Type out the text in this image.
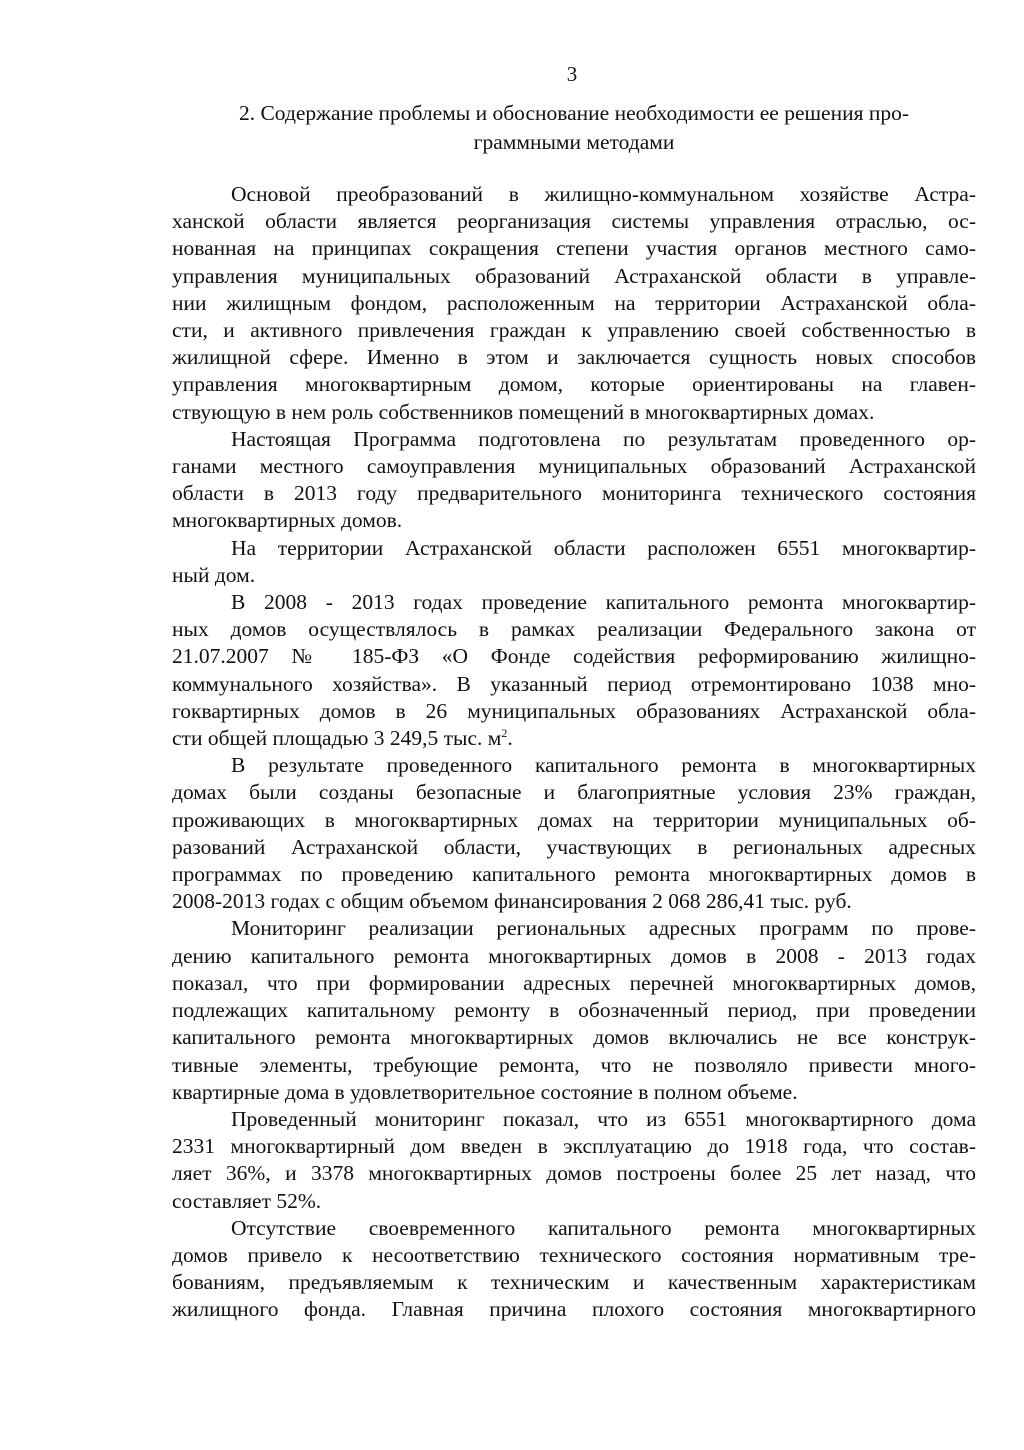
3
2. Содержание проблемы и обоснование необходимости ее решения про-
граммными методами
Основой преобразований в жилищно-коммунальном хозяйстве Астра-
ханской области является реорганизация системы управления отраслью, ос-
нованная на принципах сокращения степени участия органов местного само-
управления муниципальных образований Астраханской области в управле-
нии жилищным фондом, расположенным на территории Астраханской обла-
сти, и активного привлечения граждан к управлению своей собственностью в
жилищной сфере. Именно в этом и заключается сущность новых способов
управления многоквартирным домом, которые ориентированы на главен-
ствующую в нем роль собственников помещений в многоквартирных домах.
Настоящая Программа подготовлена по результатам проведенного ор-
ганами местного самоуправления муниципальных образований Астраханской
области в 2013 году предварительного мониторинга технического состояния
многоквартирных домов.
На территории Астраханской области расположен 6551 многоквартир-
ный дом.
В 2008 - 2013 годах проведение капитального ремонта многоквартир-
ных домов осуществлялось в рамках реализации Федерального закона от
21.07.2007 № 185-ФЗ «О Фонде содействия реформированию жилищно-
коммунального хозяйства». В указанный период отремонтировано 1038 мно-
гоквартирных домов в 26 муниципальных образованиях Астраханской обла-
сти общей площадью 3 249,5 тыс. $м^2$.
В результате проведенного капитального ремонта в многоквартирных
домах были созданы безопасные и благоприятные условия 23% граждан,
проживающих в многоквартирных домах на территории муниципальных об-
разований Астраханской области, участвующих в региональных адресных
программах по проведению капитального ремонта многоквартирных домов в
2008-2013 годах с общим объемом финансирования 2 068 286,41 тыс. руб.
Мониторинг реализации региональных адресных программ по прове-
дению капитального ремонта многоквартирных домов в 2008 - 2013 годах
показал, что при формировании адресных перечней многоквартирных домов,
подлежащих капитальному ремонту в обозначенный период, при проведении
капитального ремонта многоквартирных домов включались не все конструк-
тивные элементы, требующие ремонта, что не позволяло привести много-
квартирные дома в удовлетворительное состояние в полном объеме.
Проведенный мониторинг показал, что из 6551 многоквартирного дома
2331 многоквартирный дом введен в эксплуатацию до 1918 года, что состав-
ляет 36%, и 3378 многоквартирных домов построены более 25 лет назад, что
составляет 52%.
Отсутствие своевременного капитального ремонта многоквартирных
домов привело к несоответствию технического состояния нормативным тре-
бованиям, предъявляемым к техническим и качественным характеристикам
жилищного фонда. Главная причина плохого состояния многоквартирного
